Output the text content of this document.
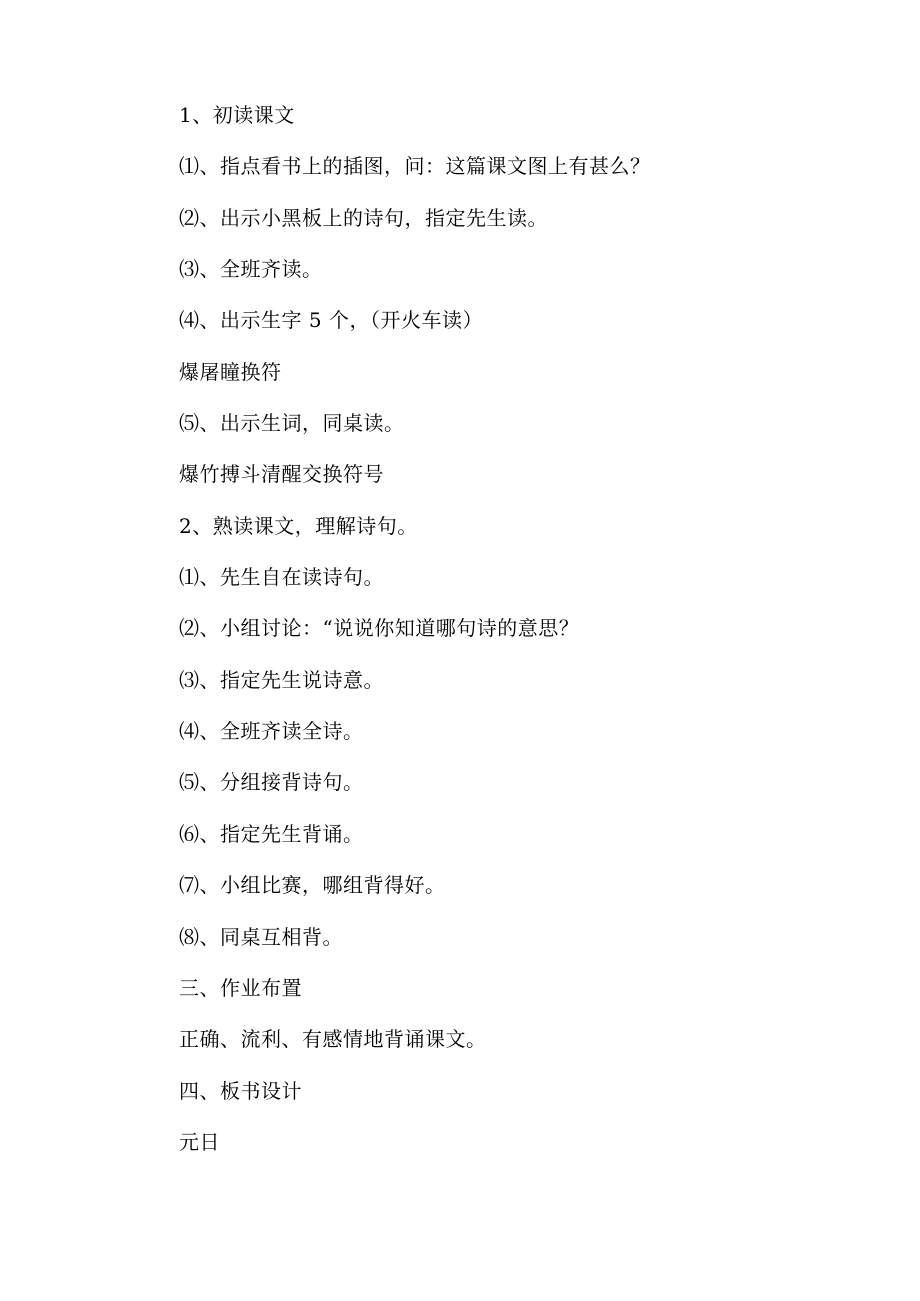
1、初读课文
⑴、指点看书上的插图，问：这篇课文图上有甚么？
⑵、出示小黑板上的诗句，指定先生读。
⑶、全班齐读。
⑷、出示生字 5 个，（开火车读）
爆屠瞳换符
⑸、出示生词，同桌读。
爆竹搏斗清醒交换符号
2、熟读课文，理解诗句。
⑴、先生自在读诗句。
⑵、小组讨论：“说说你知道哪句诗的意思？
⑶、指定先生说诗意。
⑷、全班齐读全诗。
⑸、分组接背诗句。
⑹、指定先生背诵。
⑺、小组比赛，哪组背得好。
⑻、同桌互相背。
三、作业布置
正确、流利、有感情地背诵课文。
四、板书设计
元日
